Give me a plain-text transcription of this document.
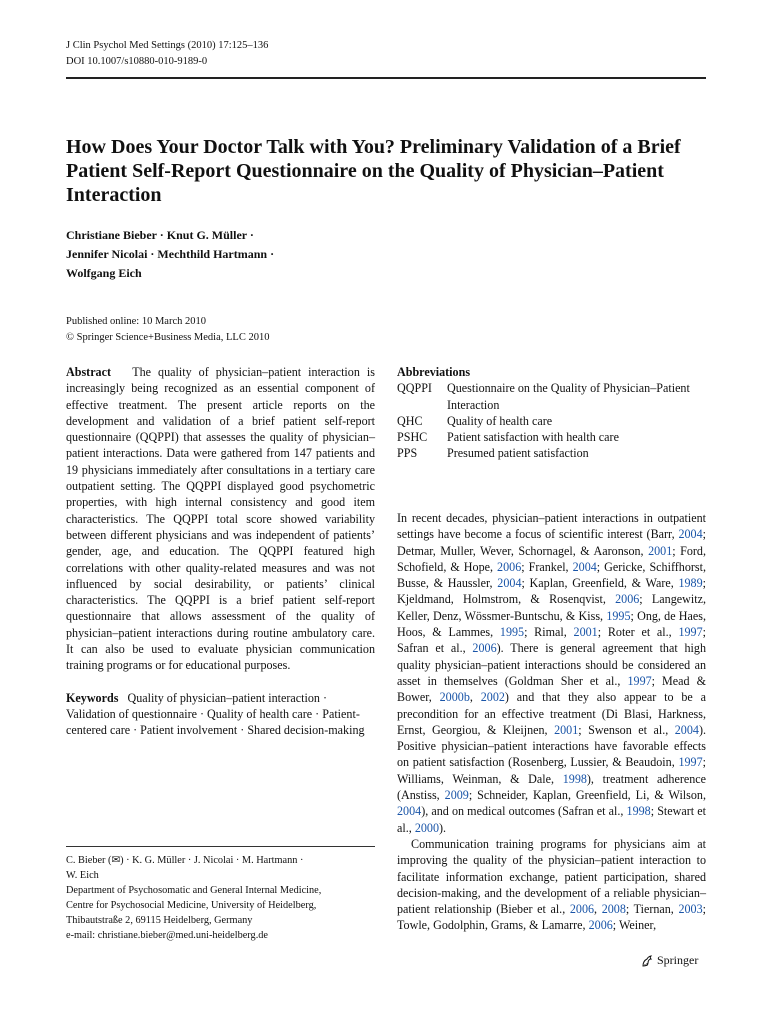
J Clin Psychol Med Settings (2010) 17:125–136
DOI 10.1007/s10880-010-9189-0
How Does Your Doctor Talk with You? Preliminary Validation of a Brief Patient Self-Report Questionnaire on the Quality of Physician–Patient Interaction
Christiane Bieber · Knut G. Müller ·
Jennifer Nicolai · Mechthild Hartmann ·
Wolfgang Eich
Published online: 10 March 2010
© Springer Science+Business Media, LLC 2010

Abstract The quality of physician–patient interaction is increasingly being recognized as an essential component of effective treatment. The present article reports on the development and validation of a brief patient self-report questionnaire (QQPPI) that assesses the quality of physician–patient interactions. Data were gathered from 147 patients and 19 physicians immediately after consultations in a tertiary care outpatient setting. The QQPPI displayed good psychometric properties, with high internal consistency and good item characteristics. The QQPPI total score showed variability between different physicians and was independent of patients’ gender, age, and education. The QQPPI featured high correlations with other quality-related measures and was not influenced by social desirability, or patients’ clinical characteristics. The QQPPI is a brief patient self-report questionnaire that allows assessment of the quality of physician–patient interactions during routine ambulatory care. It can also be used to evaluate physician communication training programs or for educational purposes.

Keywords Quality of physician–patient interaction · Validation of questionnaire · Quality of health care · Patient-centered care · Patient involvement · Shared decision-making

C. Bieber (✉) · K. G. Müller · J. Nicolai · M. Hartmann ·

W. Eich

Department of Psychosomatic and General Internal Medicine,

Centre for Psychosocial Medicine, University of Heidelberg,

Thibautstraße 2, 69115 Heidelberg, Germany

e-mail: christiane.bieber@med.uni-heidelberg.de

Abbreviations
QQPPI	Questionnaire on the Quality of Physician–Patient Interaction
QHC	Quality of health care
PSHC	Patient satisfaction with health care
PPS	Presumed patient satisfaction

In recent decades, physician–patient interactions in outpatient settings have become a focus of scientific interest (Barr, 2004; Detmar, Muller, Wever, Schornagel, & Aaronson, 2001; Ford, Schofield, & Hope, 2006; Frankel, 2004; Gericke, Schiffhorst, Busse, & Haussler, 2004; Kaplan, Greenfield, & Ware, 1989; Kjeldmand, Holmstrom, & Rosenqvist, 2006; Langewitz, Keller, Denz, Wössmer-Buntschu, & Kiss, 1995; Ong, de Haes, Hoos, & Lammes, 1995; Rimal, 2001; Roter et al., 1997; Safran et al., 2006). There is general agreement that high quality physician–patient interactions should be considered an asset in themselves (Goldman Sher et al., 1997; Mead & Bower, 2000b, 2002) and that they also appear to be a precondition for an effective treatment (Di Blasi, Harkness, Ernst, Georgiou, & Kleijnen, 2001; Swenson et al., 2004). Positive physician–patient interactions have favorable effects on patient satisfaction (Rosenberg, Lussier, & Beaudoin, 1997; Williams, Weinman, & Dale, 1998), treatment adherence (Anstiss, 2009; Schneider, Kaplan, Greenfield, Li, & Wilson, 2004), and on medical outcomes (Safran et al., 1998; Stewart et al., 2000).

Communication training programs for physicians aim at improving the quality of the physician–patient interaction to facilitate information exchange, patient participation, shared decision-making, and the development of a reliable physician–patient relationship (Bieber et al., 2006, 2008; Tiernan, 2003; Towle, Godolphin, Grams, & Lamarre, 2006; Weiner,

Springer
